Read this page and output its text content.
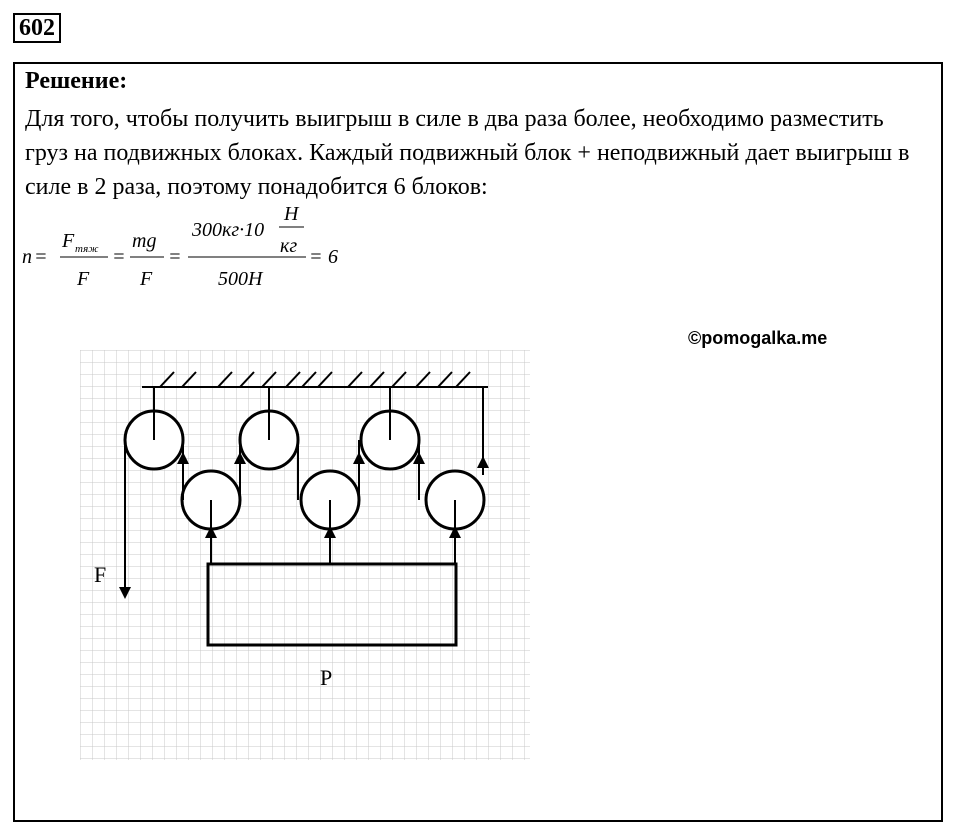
602
Решение:
Для того, чтобы получить выигрыш в силе в два раза более, необходимо разместить груз на подвижных блоках. Каждый подвижный блок + неподвижный дает выигрыш в силе в 2 раза, поэтому понадобится 6 блоков:
n =
F тяж
F
=
mg
F
=
300кг·10
H
кг
500H
= 6
©pomogalka.me
F
P
